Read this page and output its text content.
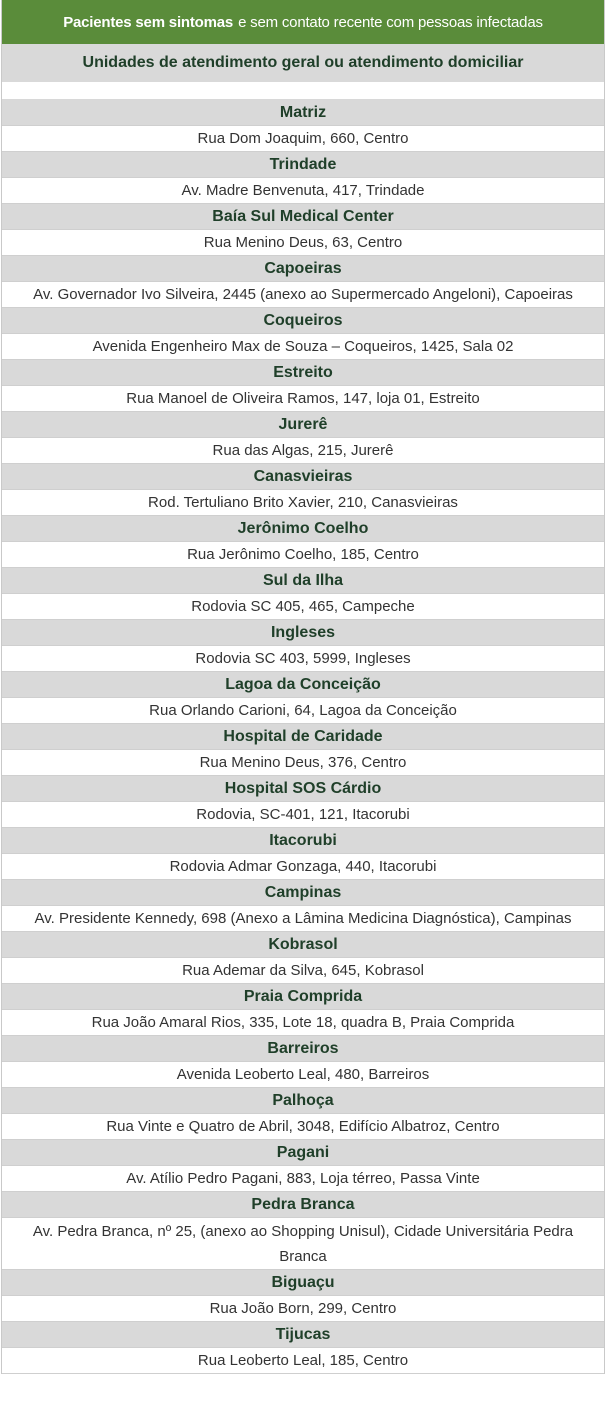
Pacientes sem sintomas e sem contato recente com pessoas infectadas
Unidades de atendimento geral ou atendimento domiciliar
Matriz
Rua Dom Joaquim, 660, Centro
Trindade
Av. Madre Benvenuta, 417, Trindade
Baía Sul Medical Center
Rua Menino Deus, 63, Centro
Capoeiras
Av. Governador Ivo Silveira, 2445 (anexo ao Supermercado Angeloni), Capoeiras
Coqueiros
Avenida Engenheiro Max de Souza – Coqueiros, 1425, Sala 02
Estreito
Rua Manoel de Oliveira Ramos, 147, loja 01, Estreito
Jurerê
Rua das Algas, 215, Jurerê
Canasvieiras
Rod. Tertuliano Brito Xavier, 210, Canasvieiras
Jerônimo Coelho
Rua Jerônimo Coelho, 185, Centro
Sul da Ilha
Rodovia SC 405, 465, Campeche
Ingleses
Rodovia SC 403, 5999, Ingleses
Lagoa da Conceição
Rua Orlando Carioni, 64, Lagoa da Conceição
Hospital de Caridade
Rua Menino Deus, 376, Centro
Hospital SOS Cárdio
Rodovia, SC-401, 121, Itacorubi
Itacorubi
Rodovia Admar Gonzaga, 440, Itacorubi
Campinas
Av. Presidente Kennedy, 698 (Anexo a Lâmina Medicina Diagnóstica), Campinas
Kobrasol
Rua Ademar da Silva, 645, Kobrasol
Praia Comprida
Rua João Amaral Rios, 335, Lote 18, quadra B, Praia Comprida
Barreiros
Avenida Leoberto Leal, 480, Barreiros
Palhoça
Rua Vinte e Quatro de Abril, 3048, Edifício Albatroz, Centro
Pagani
Av. Atílio Pedro Pagani, 883, Loja térreo, Passa Vinte
Pedra Branca
Av. Pedra Branca, nº 25, (anexo ao Shopping Unisul), Cidade Universitária Pedra Branca
Biguaçu
Rua João Born, 299, Centro
Tijucas
Rua Leoberto Leal, 185, Centro
